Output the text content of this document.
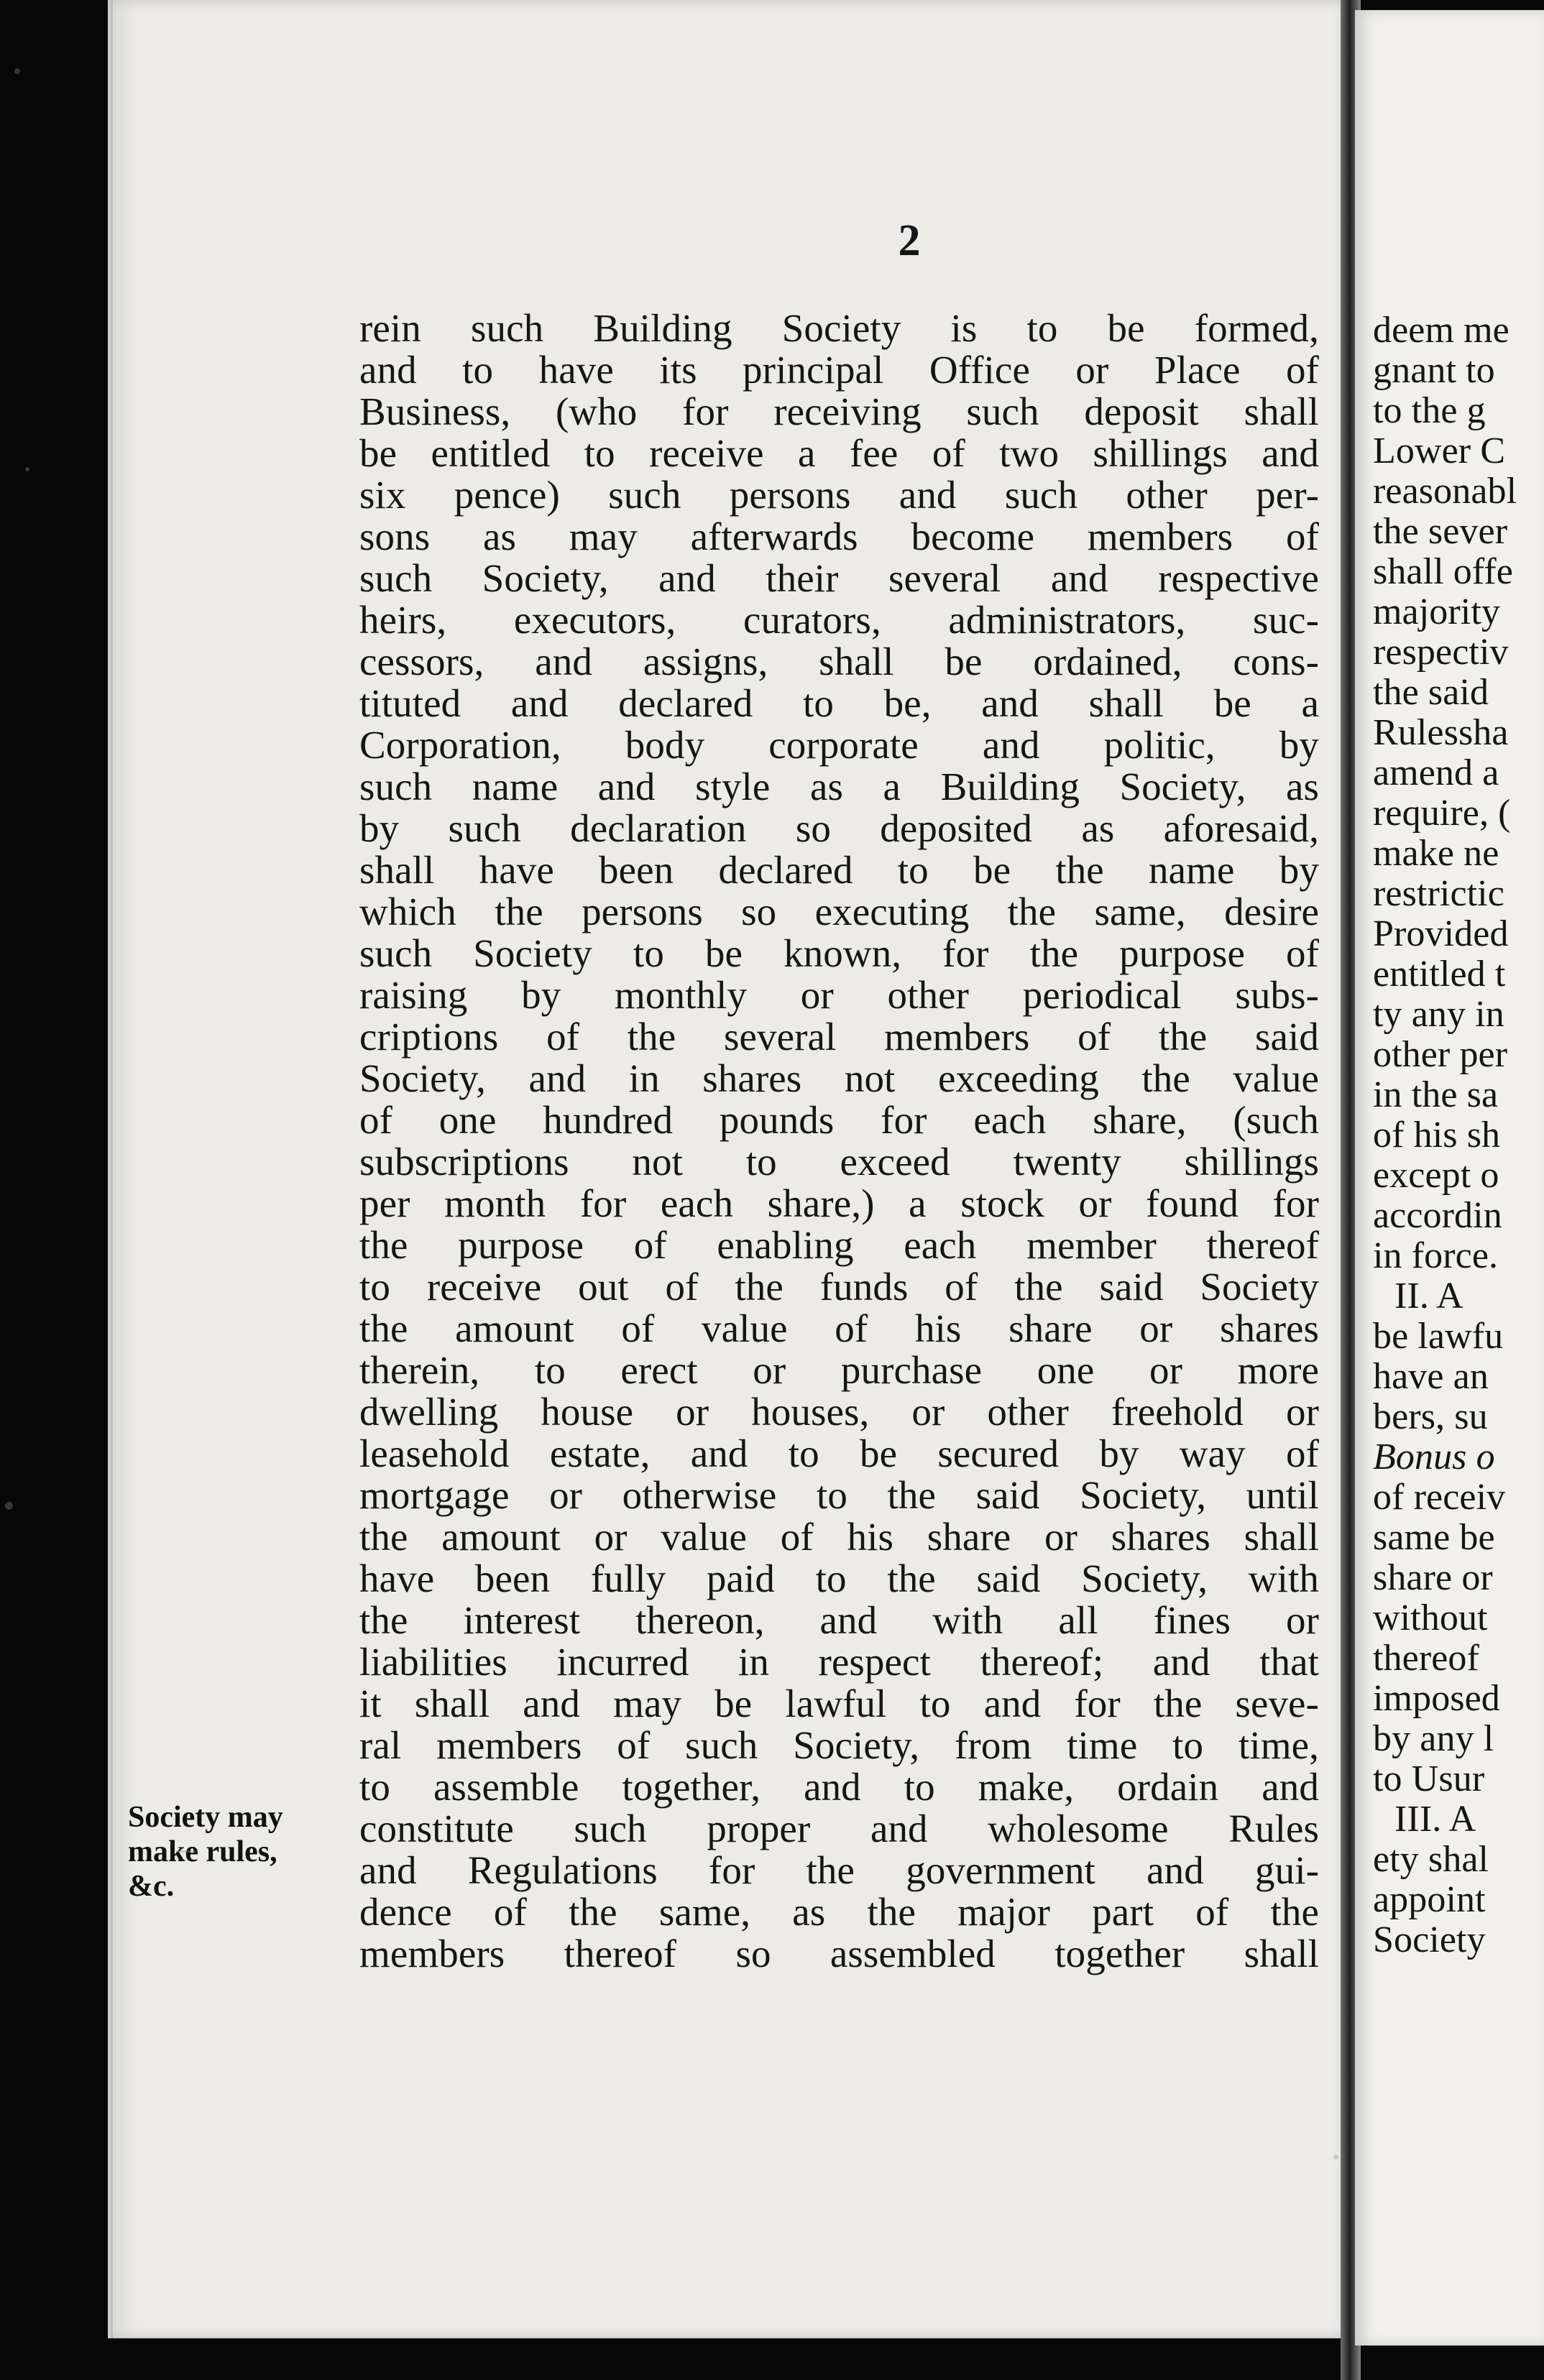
2
rein such Building Society is to be formed,
and to have its principal Office or Place of
Business, (who for receiving such deposit shall
be entitled to receive a fee of two shillings and
six pence) such persons and such other per-
sons as may afterwards become members of
such Society, and their several and respective
heirs, executors, curators, administrators, suc-
cessors, and assigns, shall be ordained, cons-
tituted and declared to be, and shall be a
Corporation, body corporate and politic, by
such name and style as a Building Society, as
by such declaration so deposited as aforesaid,
shall have been declared to be the name by
which the persons so executing the same, desire
such Society to be known, for the purpose of
raising by monthly or other periodical subs-
criptions of the several members of the said
Society, and in shares not exceeding the value
of one hundred pounds for each share, (such
subscriptions not to exceed twenty shillings
per month for each share,) a stock or found for
the purpose of enabling each member thereof
to receive out of the funds of the said Society
the amount of value of his share or shares
therein, to erect or purchase one or more
dwelling house or houses, or other freehold or
leasehold estate, and to be secured by way of
mortgage or otherwise to the said Society, until
the amount or value of his share or shares shall
have been fully paid to the said Society, with
the interest thereon, and with all fines or
liabilities incurred in respect thereof; and that
it shall and may be lawful to and for the seve-
ral members of such Society, from time to time,
to assemble together, and to make, ordain and
constitute such proper and wholesome Rules
and Regulations for the government and gui-
dence of the same, as the major part of the
members thereof so assembled together shall
Society may
make rules,
&c.
deem me
gnant to
to the g
Lower C
reasonabl
the sever
shall offe
majority
respectiv
the said
Rulessha
amend a
require, (
make ne
restrictic
Provided
entitled t
ty any in
other per
in the sa
of his sh
except o
accordin
in force.
II. A
be lawfu
have an
bers, su
Bonus o
of receiv
same be
share or
without
thereof
imposed
by any l
to Usur
III. A
ety shal
appoint
Society
